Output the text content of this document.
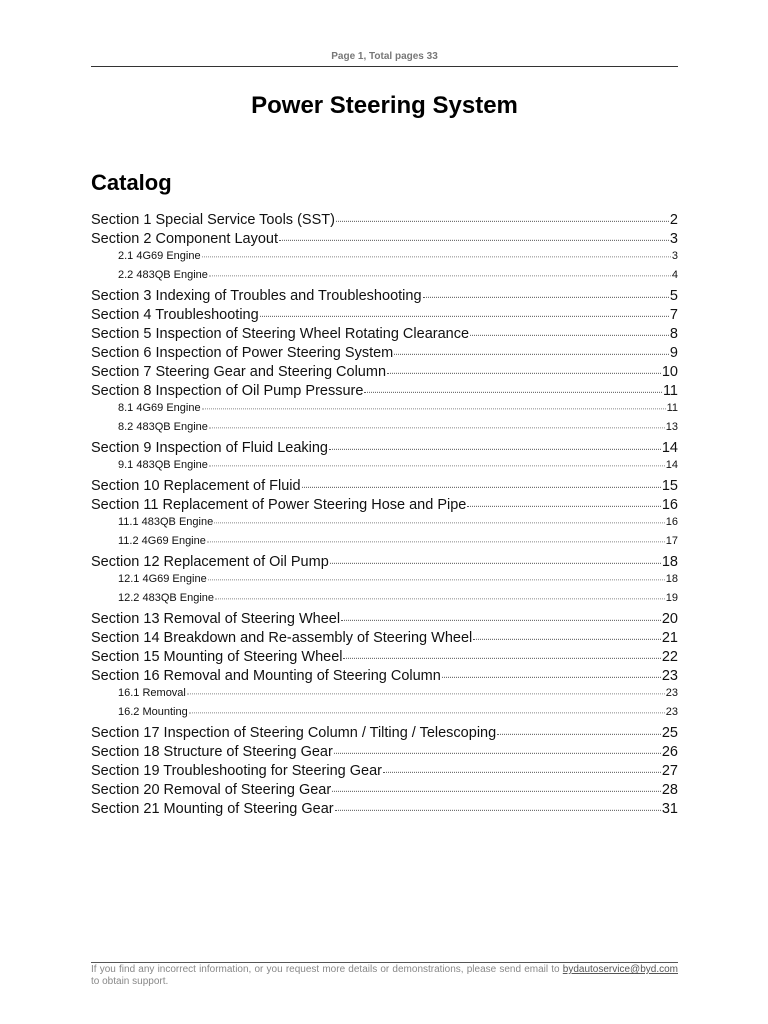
Page 1, Total pages 33
Power Steering System
Catalog
Section 1 Special Service Tools (SST)	2
Section 2 Component Layout	3
2.1 4G69 Engine	3
2.2 483QB Engine	4
Section 3 Indexing of Troubles and Troubleshooting	5
Section 4 Troubleshooting	7
Section 5 Inspection of Steering Wheel Rotating Clearance	8
Section 6 Inspection of Power Steering System	9
Section 7 Steering Gear and Steering Column	10
Section 8 Inspection of Oil Pump Pressure	11
8.1 4G69 Engine	11
8.2 483QB Engine	13
Section 9 Inspection of Fluid Leaking	14
9.1 483QB Engine	14
Section 10 Replacement of Fluid	15
Section 11 Replacement of Power Steering Hose and Pipe	16
11.1 483QB Engine	16
11.2 4G69 Engine	17
Section 12 Replacement of Oil Pump	18
12.1 4G69 Engine	18
12.2 483QB Engine	19
Section 13 Removal of Steering Wheel	20
Section 14 Breakdown and Re-assembly of Steering Wheel	21
Section 15 Mounting of Steering Wheel	22
Section 16 Removal and Mounting of Steering Column	23
16.1 Removal	23
16.2 Mounting	23
Section 17 Inspection of Steering Column / Tilting / Telescoping	25
Section 18 Structure of Steering Gear	26
Section 19 Troubleshooting for Steering Gear	27
Section 20 Removal of Steering Gear	28
Section 21 Mounting of Steering Gear	31
If you find any incorrect information, or you request more details or demonstrations, please send email to bydautoservice@byd.com to obtain support.
